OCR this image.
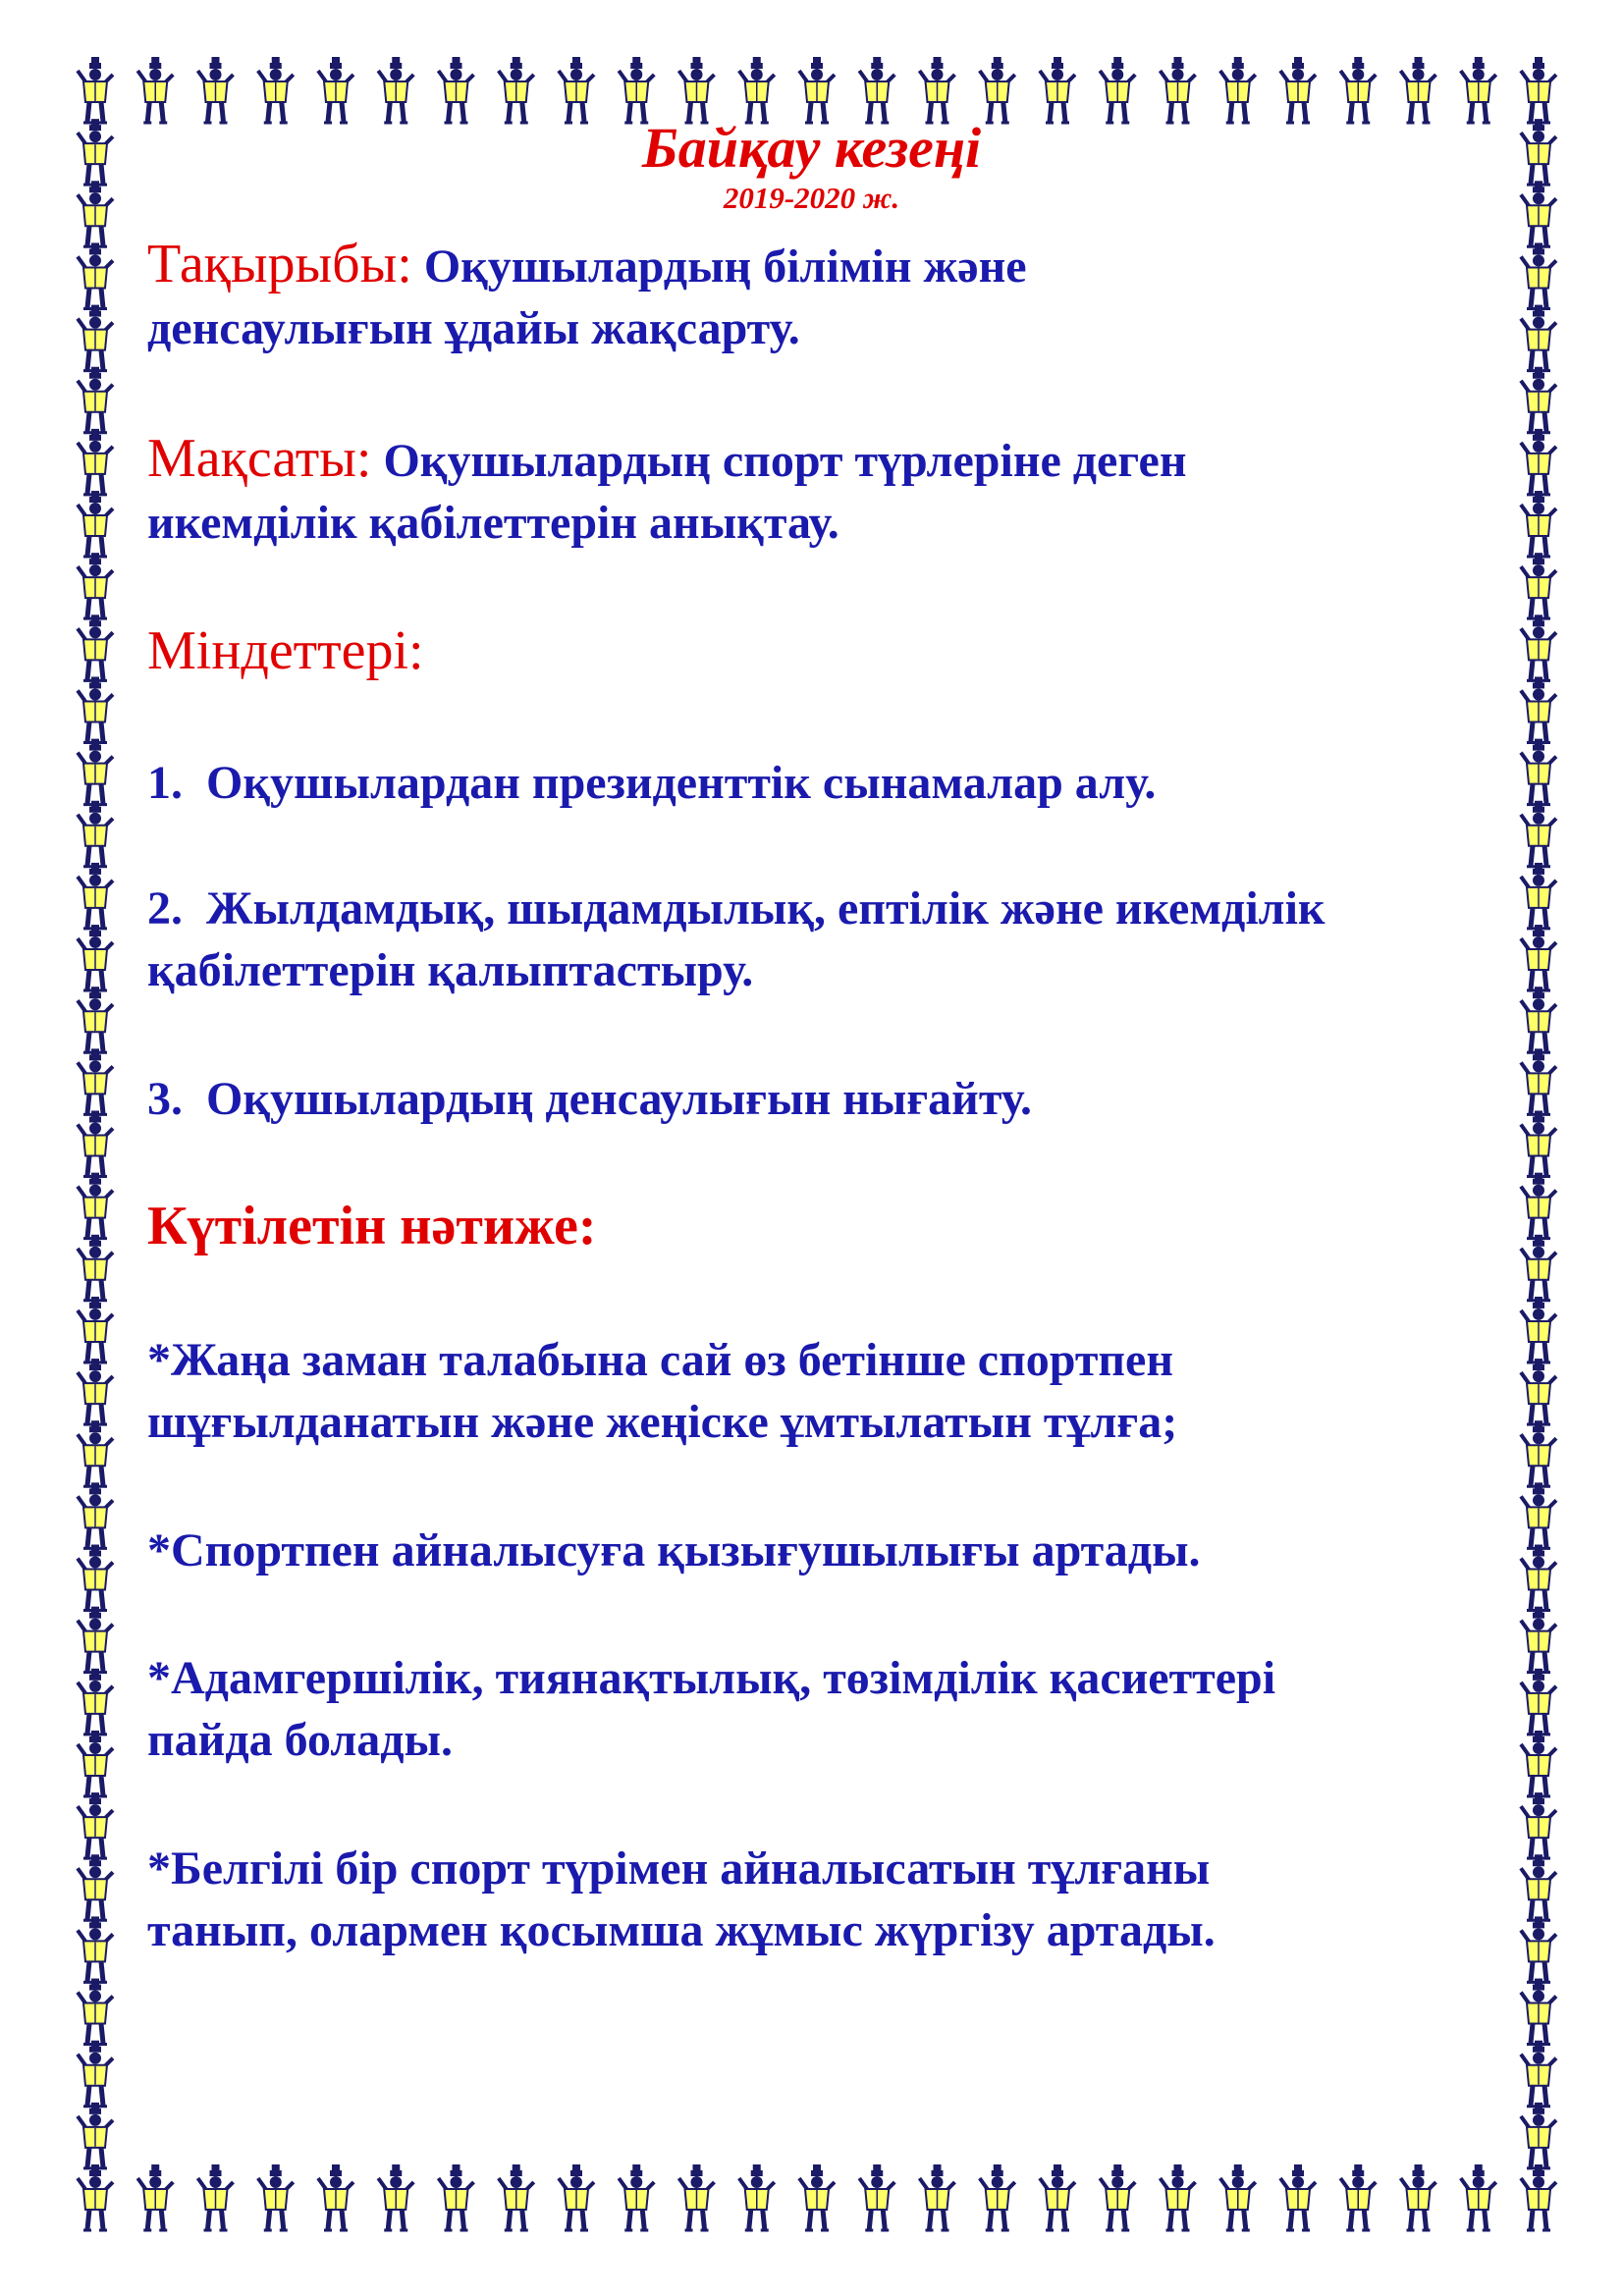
Байқау кезеңі
2019-2020 ж.
Тақырыбы: Оқушылардың білімін және
денсаулығын ұдайы жақсарту.
Мақсаты: Оқушылардың спорт түрлеріне деген
икемділік қабілеттерін анықтау.
Міндеттері:
1. Оқушылардан президенттік сынамалар алу.
2. Жылдамдық, шыдамдылық, ептілік және икемділік
қабілеттерін қалыптастыру.
3. Оқушылардың денсаулығын нығайту.
Күтілетін нәтиже:
*Жаңа заман талабына сай өз бетінше спортпен
шұғылданатын және жеңіске ұмтылатын тұлға;
*Спортпен айналысуға қызығушылығы артады.
*Адамгершілік, тиянақтылық, төзімділік қасиеттері
пайда болады.
*Белгілі бір спорт түрімен айналысатын тұлғаны
танып, олармен қосымша жұмыс жүргізу артады.
